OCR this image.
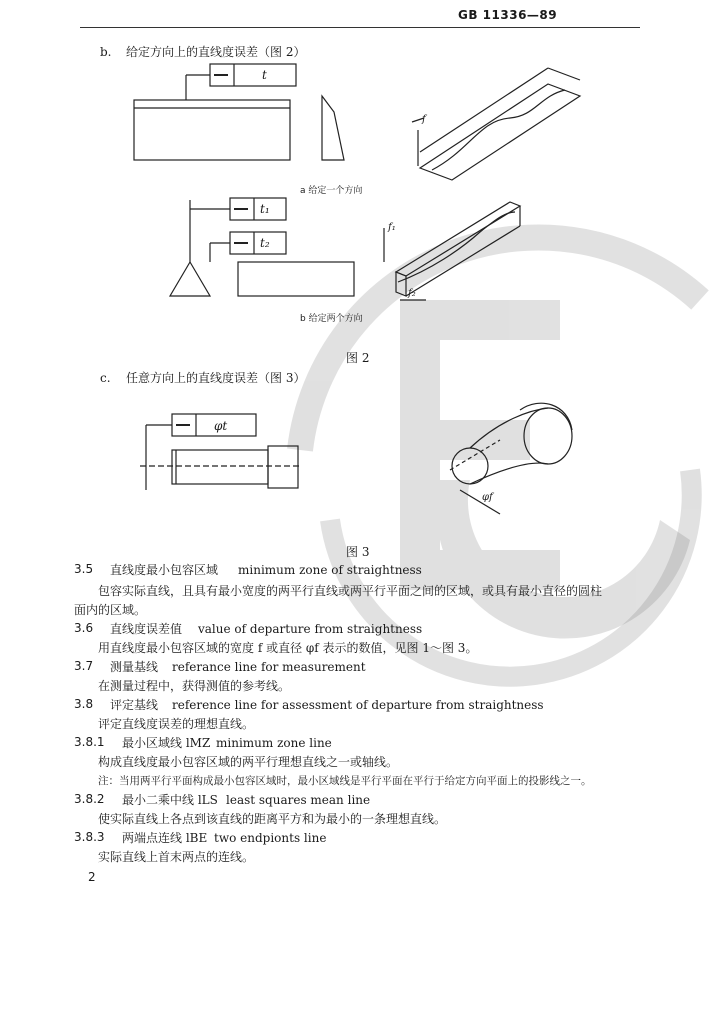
GB 11336—89
b. 给定方向上的直线度误差（图 2）
t
t₁
t₂
f
f₁
f₂
a 给定一个方向
b 给定两个方向
图 2
c. 任意方向上的直线度误差（图 3）
φt
φf
图 3
3.5 直线度最小包容区域 minimum zone of straightness
包容实际直线，且具有最小宽度的两平行直线或两平行平面之间的区域，或具有最小直径的圆柱
面内的区域。
3.6 直线度误差值 value of departure from straightness
用直线度最小包容区域的宽度 f 或直径 φf 表示的数值，见图 1～图 3。
3.7 测量基线 referance line for measurement
在测量过程中，获得测值的参考线。
3.8 评定基线 reference line for assessment of departure from straightness
评定直线度误差的理想直线。
3.8.1 最小区域线 lMZ minimum zone line
构成直线度最小包容区域的两平行理想直线之一或轴线。
注：当用两平行平面构成最小包容区域时，最小区域线是平行平面在平行于给定方向平面上的投影线之一。
3.8.2 最小二乘中线 lLS least squares mean line
使实际直线上各点到该直线的距离平方和为最小的一条理想直线。
3.8.3 两端点连线 lBE two endpionts line
实际直线上首末两点的连线。
2
